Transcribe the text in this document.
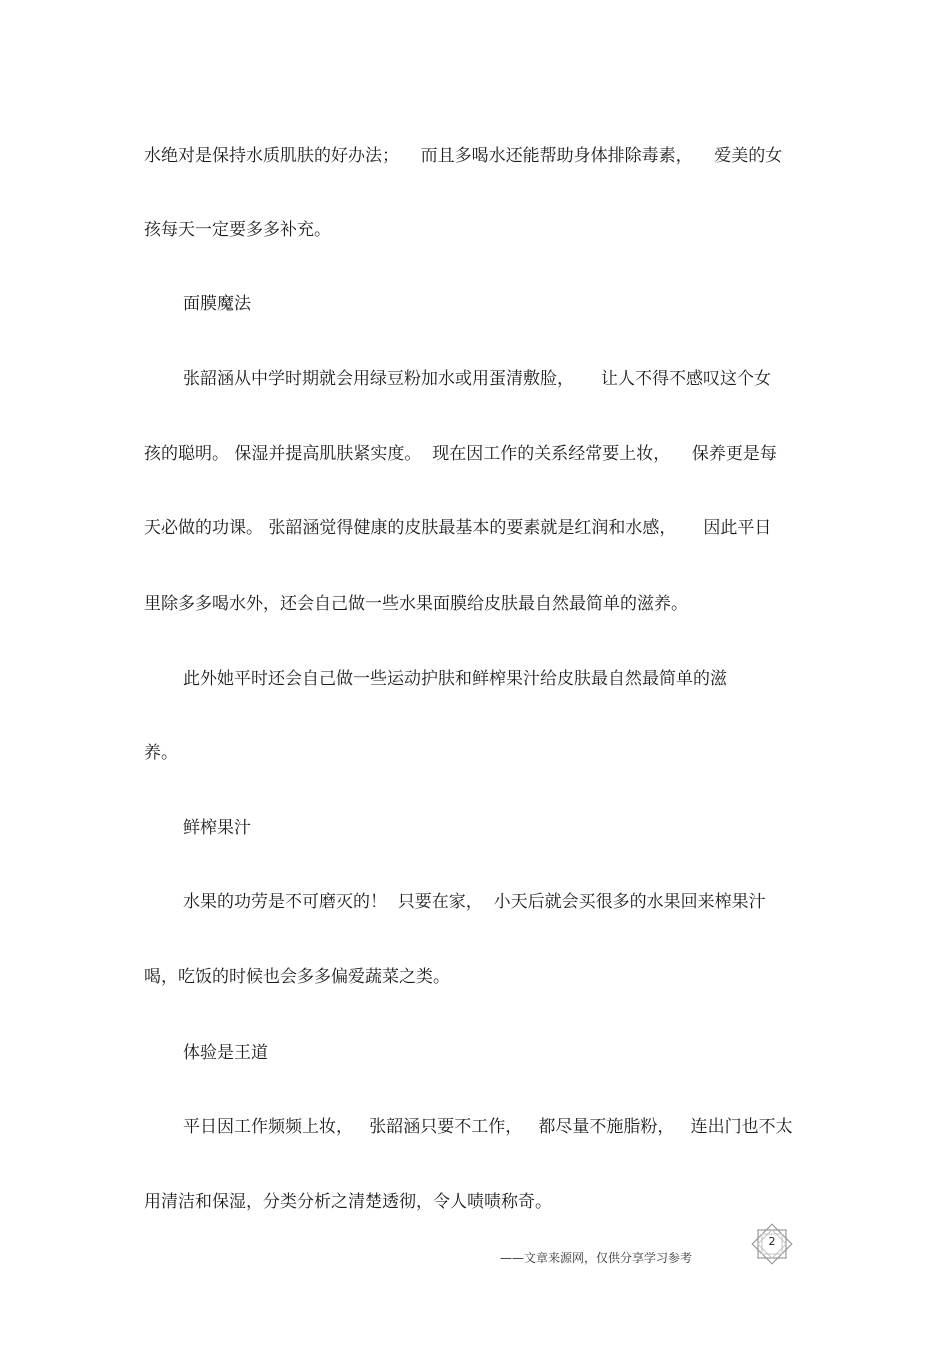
水绝对是保持水质肌肤的好办法；    而且多喝水还能帮助身体排除毒素，    爱美的女

孩每天一定要多多补充。

面膜魔法

张韶涵从中学时期就会用绿豆粉加水或用蛋清敷脸，     让人不得不感叹这个女

孩的聪明。 保湿并提高肌肤紧实度。  现在因工作的关系经常要上妆，    保养更是每

天必做的功课。 张韶涵觉得健康的皮肤最基本的要素就是红润和水感，     因此平日

里除多多喝水外，还会自己做一些水果面膜给皮肤最自然最简单的滋养。

此外她平时还会自己做一些运动护肤和鲜榨果汁给皮肤最自然最简单的滋

养。

鲜榨果汁

水果的功劳是不可磨灭的！  只要在家，  小天后就会买很多的水果回来榨果汁

喝，吃饭的时候也会多多偏爱蔬菜之类。

体验是王道

平日因工作频频上妆，   张韶涵只要不工作，   都尽量不施脂粉，   连出门也不太

用清洁和保湿，分类分析之清楚透彻，令人啧啧称奇。

2
——文章来源网，仅供分享学习参考
